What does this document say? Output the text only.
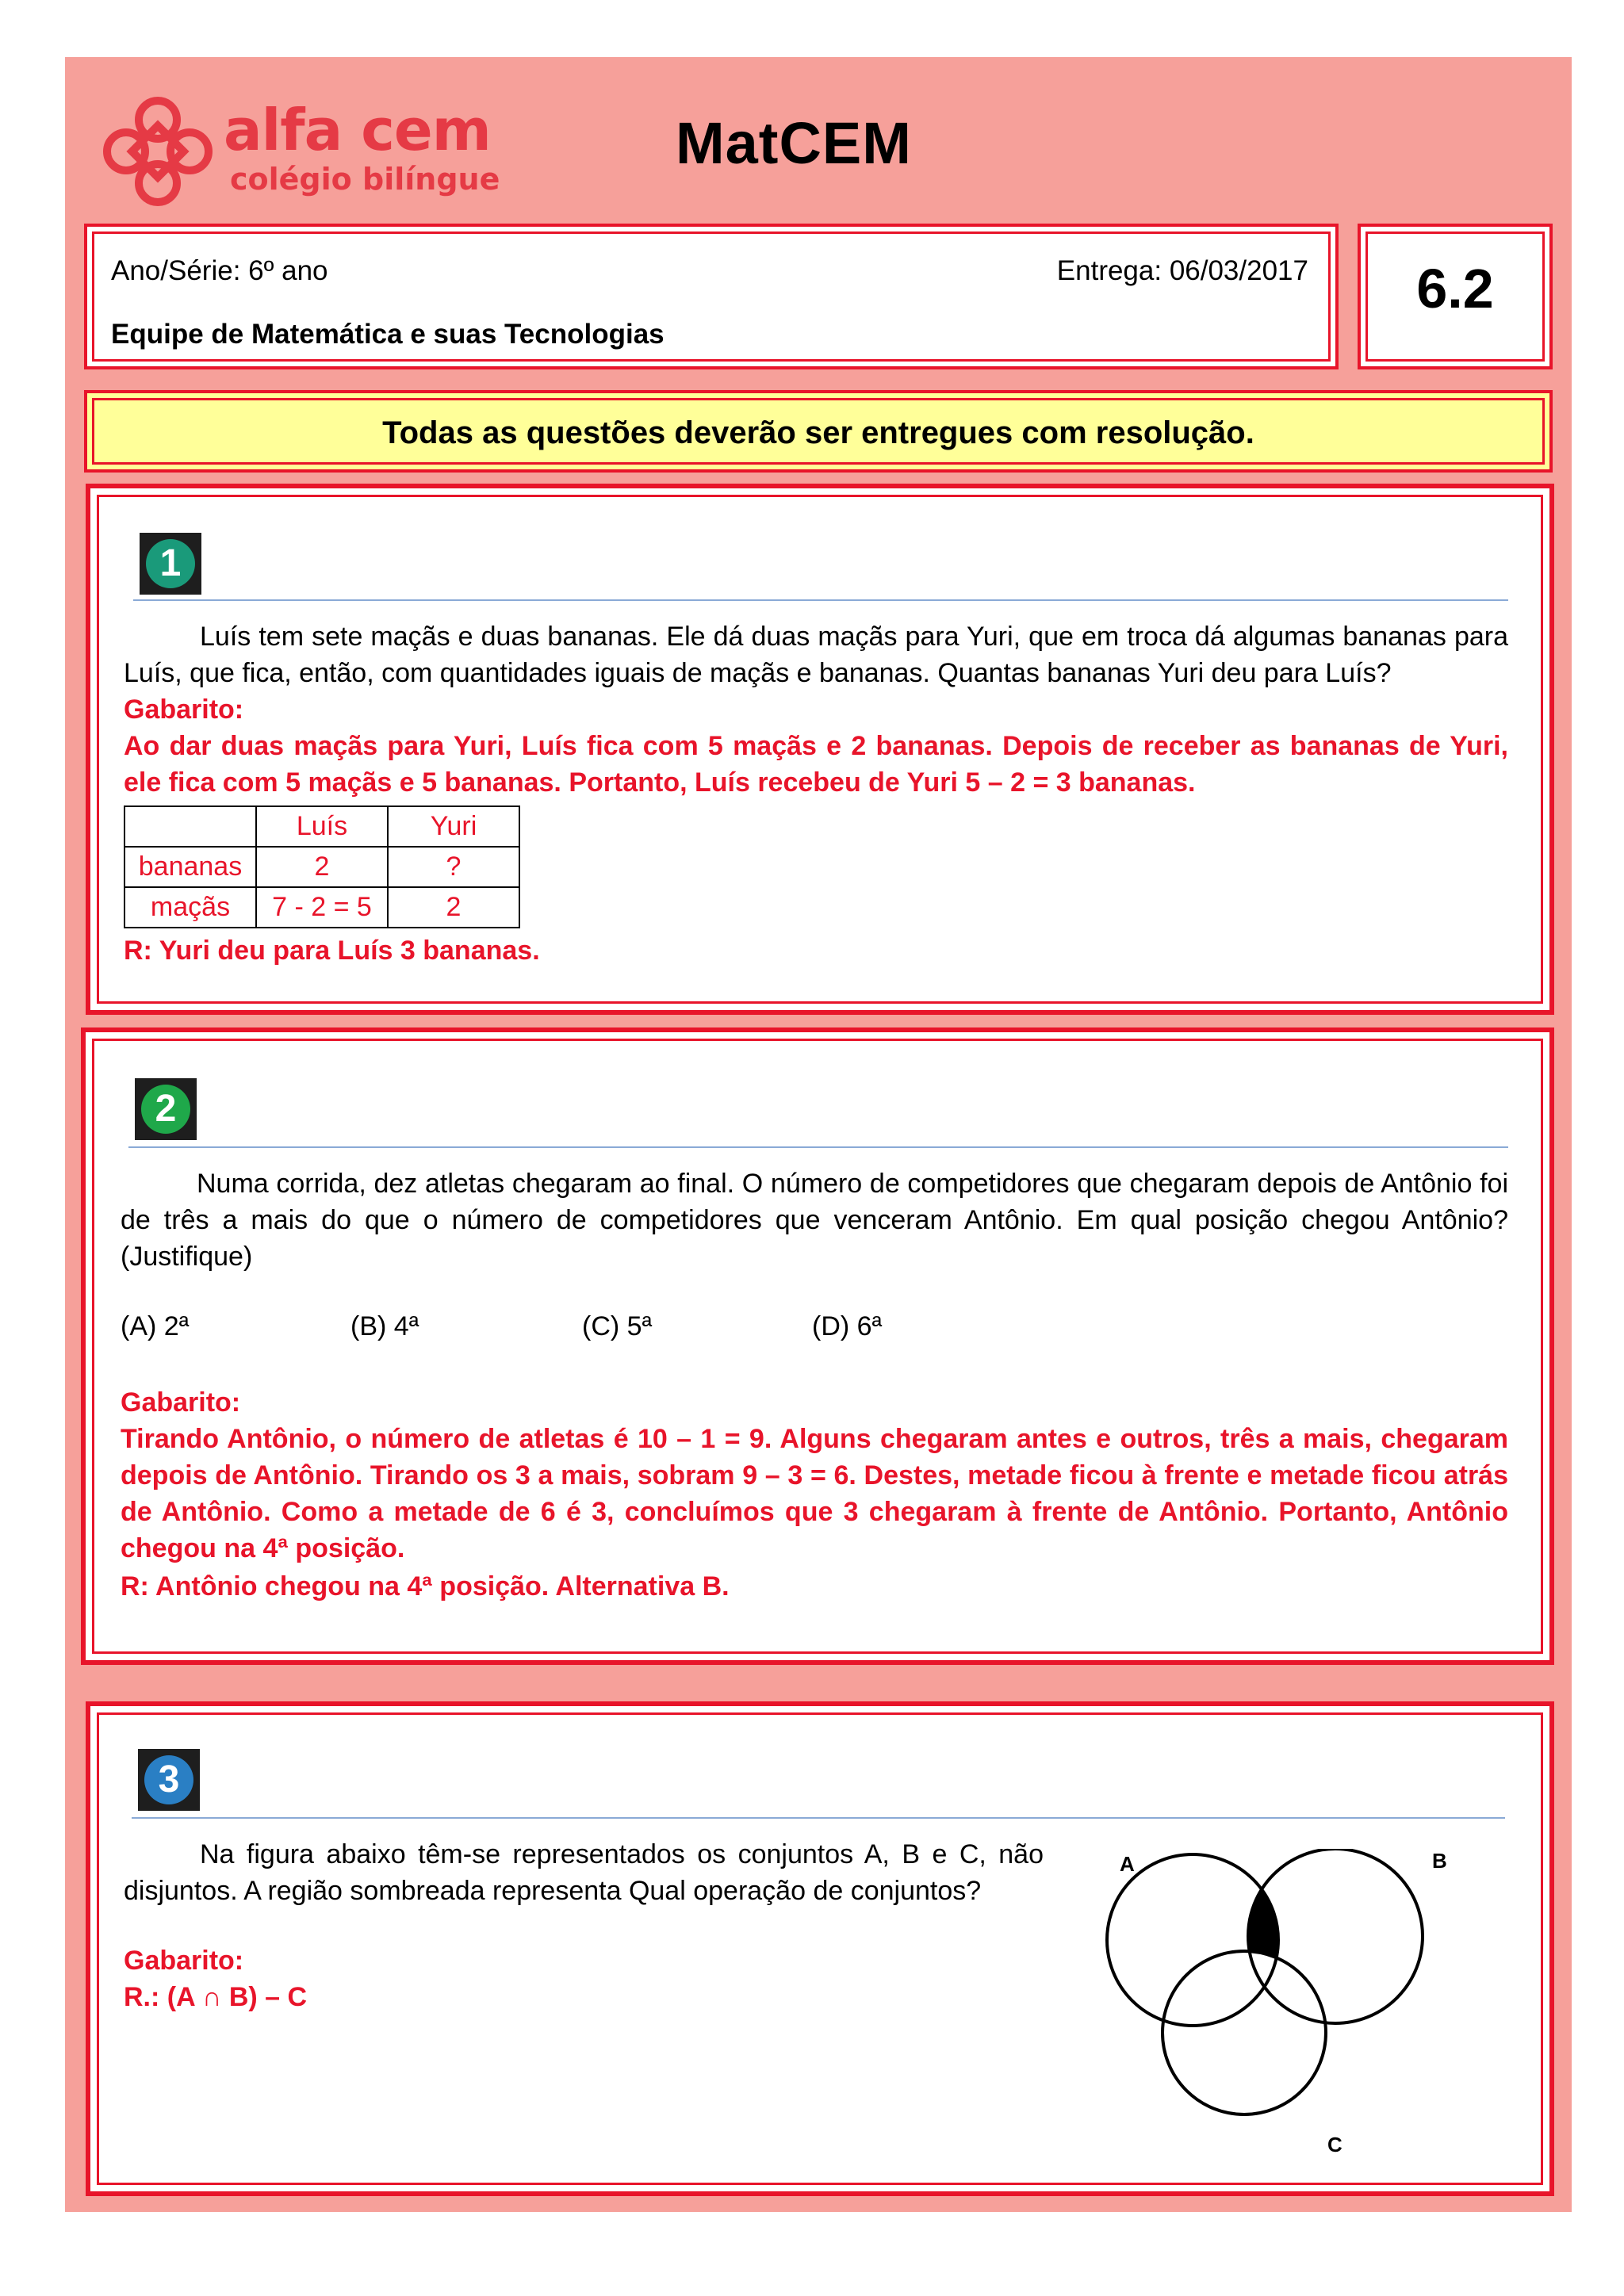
alfa cem
colégio bilíngue
MatCEM
Ano/Série: 6º ano	Entrega: 06/03/2017
Equipe de Matemática e suas Tecnologias
6.2
Todas as questões deverão ser entregues com resolução.
1
Luís tem sete maçãs e duas bananas. Ele dá duas maçãs para Yuri, que em troca dá algumas bananas para Luís, que fica, então, com quantidades iguais de maçãs e bananas. Quantas bananas Yuri deu para Luís?
Gabarito:
Ao dar duas maçãs para Yuri, Luís fica com 5 maçãs e 2 bananas. Depois de receber as bananas de Yuri, ele fica com 5 maçãs e 5 bananas. Portanto, Luís recebeu de Yuri 5 – 2 = 3 bananas.
	Luís	Yuri
bananas	2	?
maçãs	7 - 2 = 5	2
R: Yuri deu para Luís 3 bananas.
2
Numa corrida, dez atletas chegaram ao final. O número de competidores que chegaram depois de Antônio foi de três a mais do que o número de competidores que venceram Antônio. Em qual posição chegou Antônio? (Justifique)
(A) 2ª	(B) 4ª	(C) 5ª	(D) 6ª
Gabarito:
Tirando Antônio, o número de atletas é 10 – 1 = 9. Alguns chegaram antes e outros, três a mais, chegaram depois de Antônio. Tirando os 3 a mais, sobram 9 – 3 = 6. Destes, metade ficou à frente e metade ficou atrás de Antônio. Como a metade de 6 é 3, concluímos que 3 chegaram à frente de Antônio. Portanto, Antônio chegou na 4ª posição.
R: Antônio chegou na 4ª posição. Alternativa B.
3
Na figura abaixo têm-se representados os conjuntos A, B e C, não disjuntos. A região sombreada representa Qual operação de conjuntos?
Gabarito:
R.: (A ∩ B) – C
A	B
C
